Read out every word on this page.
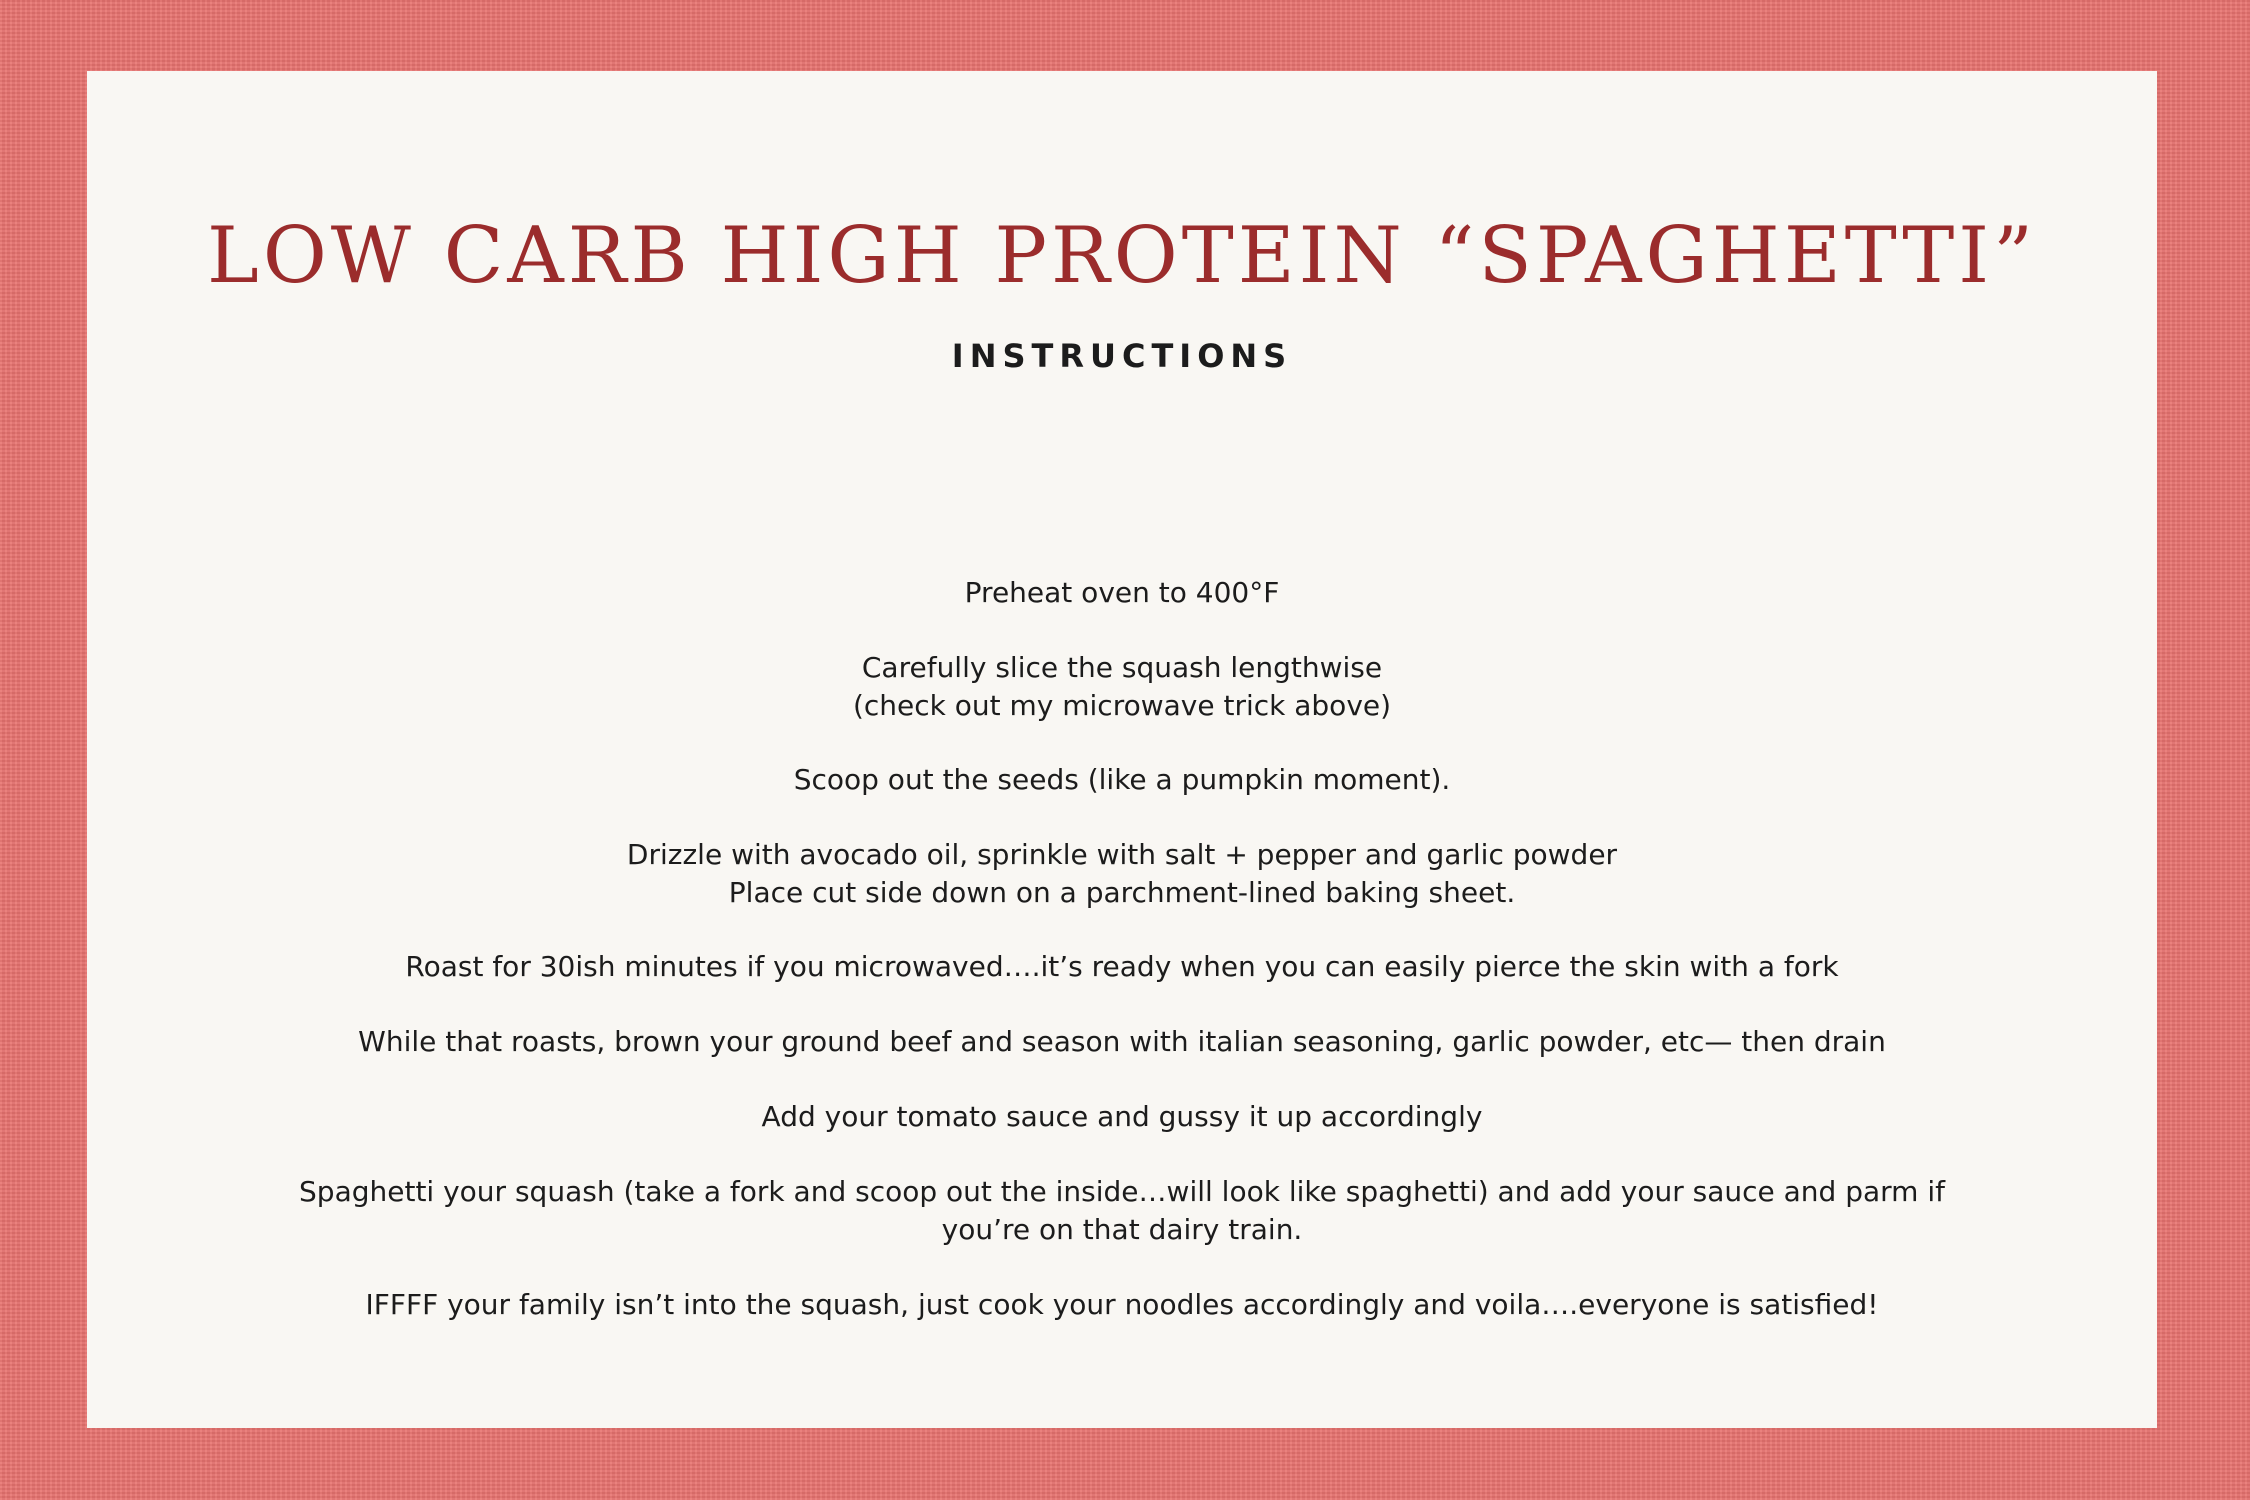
LOW CARB HIGH PROTEIN “SPAGHETTI”
INSTRUCTIONS
Preheat oven to 400°F
Carefully slice the squash lengthwise
(check out my microwave trick above)
Scoop out the seeds (like a pumpkin moment).
Drizzle with avocado oil, sprinkle with salt + pepper and garlic powder
Place cut side down on a parchment-lined baking sheet.
Roast for 30ish minutes if you microwaved….it’s ready when you can easily pierce the skin with a fork
While that roasts, brown your ground beef and season with italian seasoning, garlic powder, etc— then drain
Add your tomato sauce and gussy it up accordingly
Spaghetti your squash (take a fork and scoop out the inside…will look like spaghetti) and add your sauce and parm if you’re on that dairy train.
IFFFF your family isn’t into the squash, just cook your noodles accordingly and voila….everyone is satisfied!
